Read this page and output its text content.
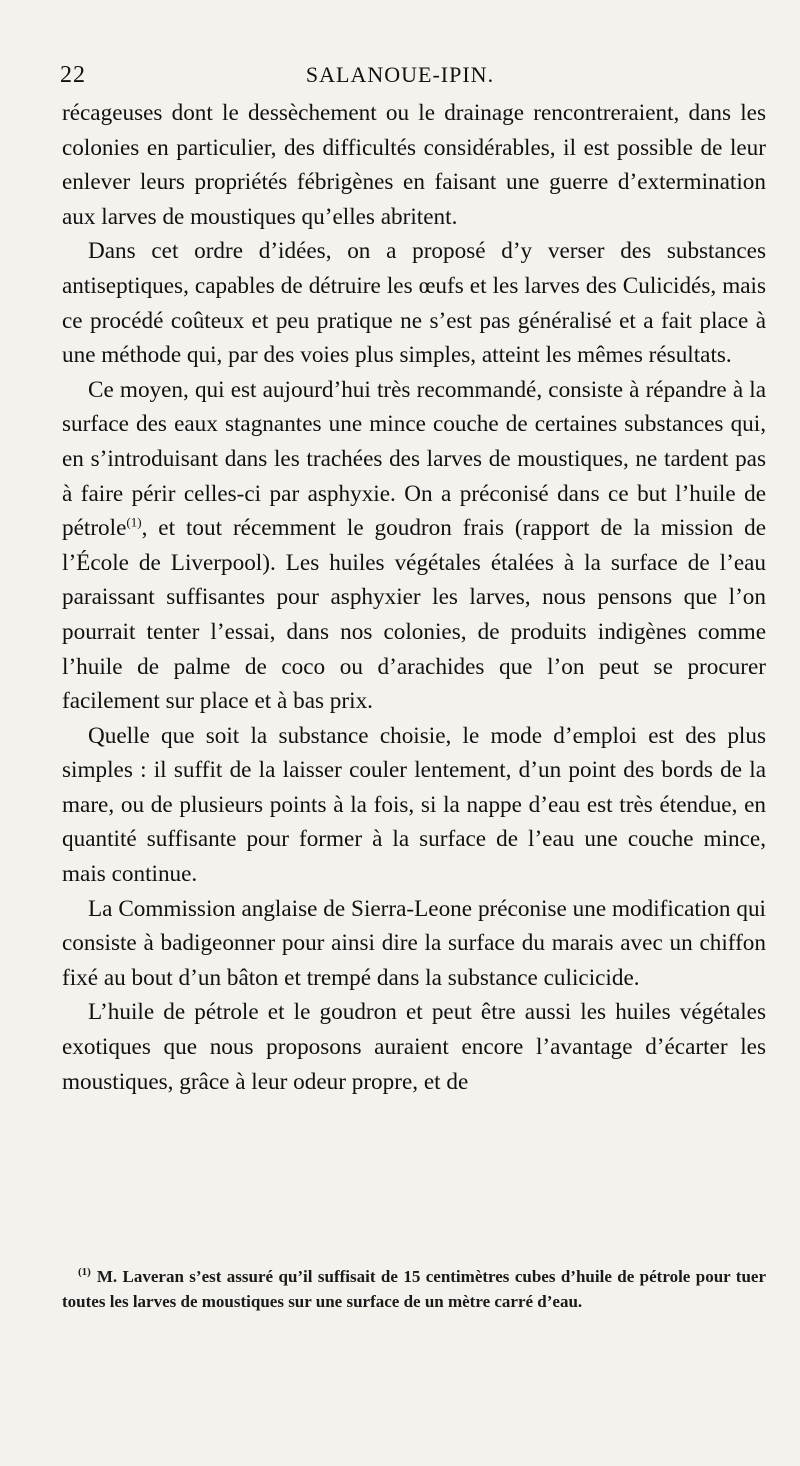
22	SALANOUE-IPIN.

récageuses dont le dessèchement ou le drainage rencontreraient, dans les colonies en particulier, des difficultés considérables, il est possible de leur enlever leurs propriétés fébrigènes en faisant une guerre d’extermination aux larves de moustiques qu’elles abritent.

Dans cet ordre d’idées, on a proposé d’y verser des substances antiseptiques, capables de détruire les œufs et les larves des Culicidés, mais ce procédé coûteux et peu pratique ne s’est pas généralisé et a fait place à une méthode qui, par des voies plus simples, atteint les mêmes résultats.

Ce moyen, qui est aujourd’hui très recommandé, consiste à répandre à la surface des eaux stagnantes une mince couche de certaines substances qui, en s’introduisant dans les trachées des larves de moustiques, ne tardent pas à faire périr celles-ci par asphyxie. On a préconisé dans ce but l’huile de pétrole$^{(1)}$, et tout récemment le goudron frais (rapport de la mission de l’École de Liverpool). Les huiles végétales étalées à la surface de l’eau paraissant suffisantes pour asphyxier les larves, nous pensons que l’on pourrait tenter l’essai, dans nos colonies, de produits indigènes comme l’huile de palme de coco ou d’arachides que l’on peut se procurer facilement sur place et à bas prix.

Quelle que soit la substance choisie, le mode d’emploi est des plus simples : il suffit de la laisser couler lentement, d’un point des bords de la mare, ou de plusieurs points à la fois, si la nappe d’eau est très étendue, en quantité suffisante pour former à la surface de l’eau une couche mince, mais continue.

La Commission anglaise de Sierra-Leone préconise une modification qui consiste à badigeonner pour ainsi dire la surface du marais avec un chiffon fixé au bout d’un bâton et trempé dans la substance culicicide.

L’huile de pétrole et le goudron et peut être aussi les huiles végétales exotiques que nous proposons auraient encore l’avantage d’écarter les moustiques, grâce à leur odeur propre, et de

$^{(1)}$ M. Laveran s’est assuré qu’il suffisait de 15 centimètres cubes d’huile de pétrole pour tuer toutes les larves de moustiques sur une surface de un mètre carré d’eau.
